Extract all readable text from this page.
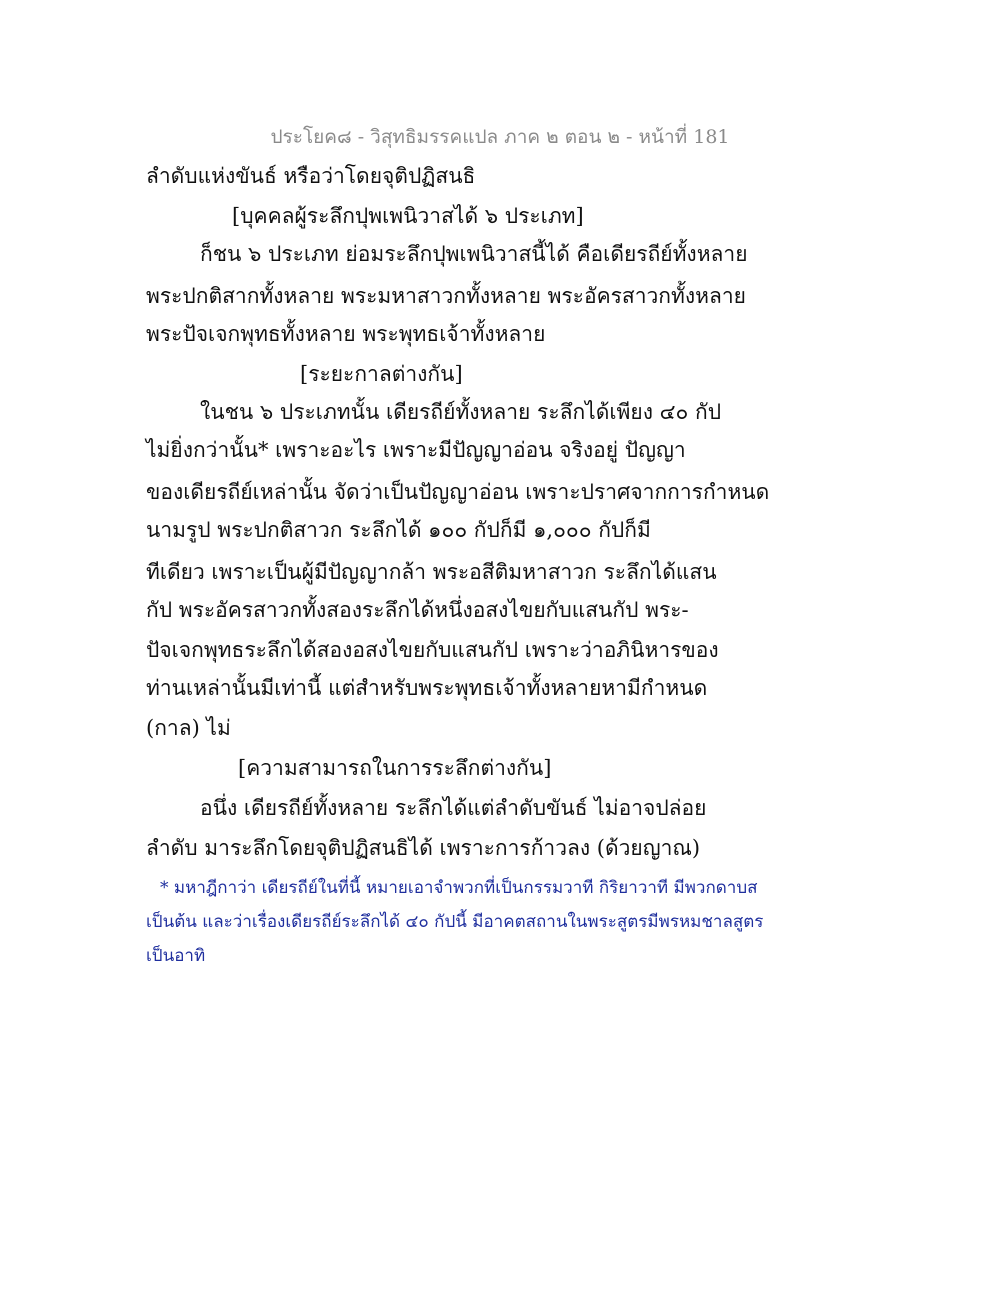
ประโยค๘ - วิสุทธิมรรคแปล ภาค ๒ ตอน ๒ - หน้าที่ 181
ลำดับแห่งขันธ์ หรือว่าโดยจุติปฏิสนธิ
[บุคคลผู้ระลึกปุพเพนิวาสได้ ๖ ประเภท]
ก็ชน ๖ ประเภท ย่อมระลึกปุพเพนิวาสนี้ได้ คือเดียรถีย์ทั้งหลาย
พระปกติสากทั้งหลาย พระมหาสาวกทั้งหลาย พระอัครสาวกทั้งหลาย
พระปัจเจกพุทธทั้งหลาย พระพุทธเจ้าทั้งหลาย
[ระยะกาลต่างกัน]
ในชน ๖ ประเภทนั้น เดียรถีย์ทั้งหลาย ระลึกได้เพียง ๔๐ กัป
ไม่ยิ่งกว่านั้น* เพราะอะไร เพราะมีปัญญาอ่อน จริงอยู่ ปัญญา
ของเดียรถีย์เหล่านั้น จัดว่าเป็นปัญญาอ่อน เพราะปราศจากการกำหนด
นามรูป พระปกติสาวก ระลึกได้ ๑๐๐ กัปก็มี ๑,๐๐๐ กัปก็มี
ทีเดียว เพราะเป็นผู้มีปัญญากล้า พระอสีติมหาสาวก ระลึกได้แสน
กัป พระอัครสาวกทั้งสองระลึกได้หนึ่งอสงไขยกับแสนกัป พระ-
ปัจเจกพุทธระลึกได้สองอสงไขยกับแสนกัป เพราะว่าอภินิหารของ
ท่านเหล่านั้นมีเท่านี้ แต่สำหรับพระพุทธเจ้าทั้งหลายหามีกำหนด
(กาล) ไม่
[ความสามารถในการระลึกต่างกัน]
อนึ่ง เดียรถีย์ทั้งหลาย ระลึกได้แต่ลำดับขันธ์ ไม่อาจปล่อย
ลำดับ มาระลึกโดยจุติปฏิสนธิได้ เพราะการก้าวลง (ด้วยญาณ)
* มหาฎีกาว่า เดียรถีย์ในที่นี้ หมายเอาจำพวกที่เป็นกรรมวาที กิริยาวาที มีพวกดาบส
เป็นต้น และว่าเรื่องเดียรถีย์ระลึกได้ ๔๐ กัปนี้ มีอาคตสถานในพระสูตรมีพรหมชาลสูตร
เป็นอาทิ
